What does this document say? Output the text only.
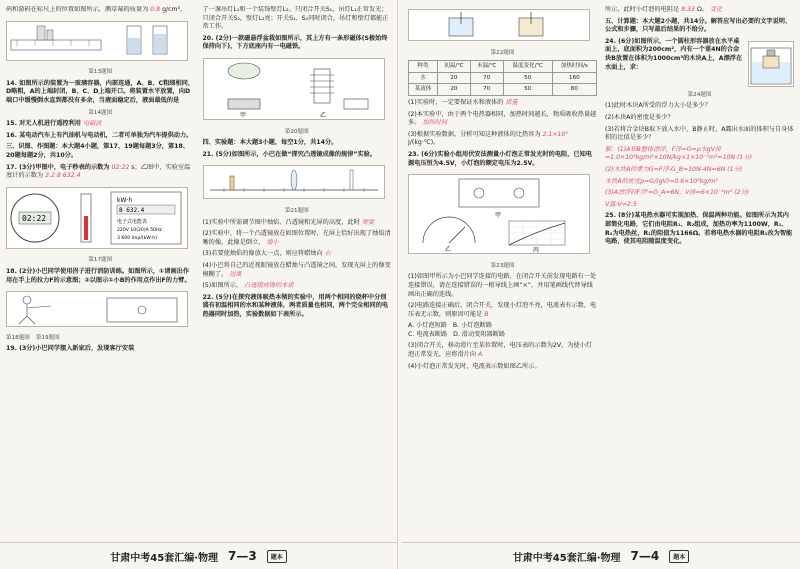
码和游码在标尺上的位置如图所示，测草莓的质量为 0.8 g/cm³。

第13题图

14. 如图所示的装置为一玻璃容器，内部连通，A、B、C粗细相同，D略粗，A的上端封闭，B、C、D上端开口。将装置水平放置，向D端口中缓慢倒水直到都没有多余，当液面稳定后，液面最低的是

第14题图

15. 对无人机进行遥控利用 电磁波

16. 某电动汽车上有汽油机与电动机，二者可单独为汽车提供动力。

三、识图、作图题：本大题4小题，第17、19题每题3分，第18、20题每题2分，共10分。

17. (3分)甲图中，电子秒表的示数为 02:22 s；乙图中，实验室温度计的示数为 3.2 8 632.4

02:22
kW·h
8 632.4
电子式电能表
220V 10(20)A 50Hz
3 600 imp/(kW·h)
第17题图

18. (2分)小巴同学使用拐子进行消防训练。如图所示，①请画出作用在手上的拉力F的示意图；②以图示①小B的作用点作出F的力臂。

第18题图 第19题图

19. (3分)小巴同学摆入新家后，发现客厅安装

了一盏吊灯L₁和一个装饰壁灯L₂。只闭合开关S₁，吊灯L₁正常发光；只闭合开关S₂，壁灯L₂亮；开关S₁、S₂同时闭合，吊灯和壁灯都能正常工作。

20. (2分)一款磁悬浮盆栽如图所示，其上方有一条形磁体(S极始终保持向下)，下方底座内有一电磁铁。

甲	乙
第20题图

四、实验题：本大题3小题，每空1分，共14分。

21. (5分)如图所示，小巴在做“探究凸透镜成像的规律”实验。

第21题图

(1)实验中所需调节图中烛焰、凸透镜和光屏的高度，此时 需要

(2)实验中，将一个凸透镜放在如图位置时，光屏上恰好出现了烛焰清晰的像，此像是倒立、 缩小

(3)若要使烛焰的像放大一点，则应将蜡烛向 右

(4)小巴将自己的近视眼镜放在蜡烛与凸透镜之间，发现光屏上的像变模糊了。 远离

(5)如图所示， 凸透镜成像的本质

22. (5分)在探究液体吸热本领的实验中，用两个相同的烧杯中分别盛有初温相同的水和某种液体，两者质量也相同，两个完全相同的电热器同时加热，实验数据如下表所示。

甘肃中考45套汇编·物理 7—3	题本
第22题图
种类	初温/℃	末温/℃	温度变化/℃	加热时间/s
水	20	70	50	160
某液体	20	70	50	80

(1)实验时，一定要保证水和液体的 质量

(2)本实验中，由于两个电热器相同，加热时间越长，物质吸收热量越多。 加热时间

(3)根据实验数据，分析可知这种液体的比热容为 2.1×10³ J/(kg·℃)。

23. (6分)实验小组用伏安法测量小灯泡正常发光时的电阻，已知电源电压恒为4.5V，小灯泡的额定电压为2.5V。

甲
乙	丙
第23题图

(1)如图甲所示为小巴同学连接的电路，在闭合开关前发现电路有一处连接错误，请在连接错误的一根导线上画“×”，并用笔画线代替导线画出正确的连线。

(2)电路连接正确后，闭合开关，发现小灯泡不亮，电流表有示数，电压表无示数，则原因可能是 B

A. 小灯泡短路 B. 小灯泡断路
C. 电流表断路 D. 滑动变阻器断路

(3)闭合开关，移动滑片至某位置时，电压表的示数为2V，为使小灯泡正常发光，应将滑片向 A

(4)小灯泡正常发光时，电流表示数如图乙所示。

所示，此时小灯泡的电阻是 8.33 Ω。 变化

五、计算题：本大题2小题，共14分。解答应写出必要的文字说明、公式和步骤，只写最后结果的不给分。

24. (6分)如图所示，一个圆柱形容器放在水平桌面上，底面积为200cm²，内有一个重4N的合金块B放置在体积为1000cm³的木块A上，A漂浮在水面上，求：

第24题图

(1)此时木块A所受的浮力大小是多少？

(2)木块A的密度是多少？

(3)若将合金块B取下放入水中，B静止时，A露出水面的体积与自身体积的比值是多少？

解：(1)A和B整体漂浮，F浮=G=ρ水gV排=1.0×10³kg/m³×10N/kg×1×10⁻³m³=10N (1分)

(2)木块A的重力G=F浮-G_B=10N-4N=6N (1分)

木块A的密度ρ=G/(gV)=0.6×10³kg/m³

(3)A漂浮时F浮'=G_A=6N，V排=6×10⁻⁴m³ (2分)

V露:V=2:5

25. (8分)某电热水器可实现加热、保温两种功能。如图所示为其内部简化电路，它们由电阻R₁、R₂组成，加热功率为1100W，R₁、R₂为电热丝，R₁的阻值为1166Ω。若将电热水器的电阻R₁改为智能电路，使其电阻随温度变化。

甘肃中考45套汇编·物理 7—4	题本
